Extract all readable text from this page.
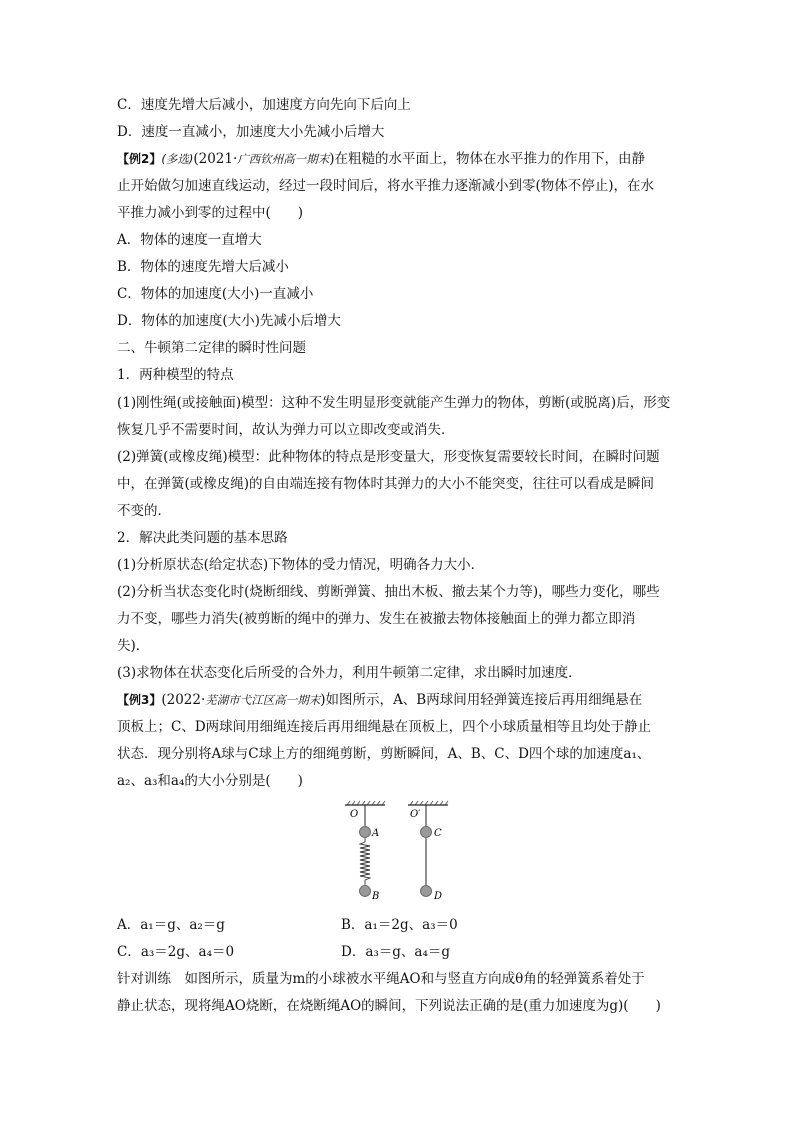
C．速度先增大后减小，加速度方向先向下后向上
D．速度一直减小，加速度大小先减小后增大
【例2】(多选)(2021·广西钦州高一期末)在粗糙的水平面上，物体在水平推力的作用下，由静
止开始做匀加速直线运动，经过一段时间后，将水平推力逐渐减小到零(物体不停止)，在水
平推力减小到零的过程中(　　)
A．物体的速度一直增大
B．物体的速度先增大后减小
C．物体的加速度(大小)一直减小
D．物体的加速度(大小)先减小后增大
二、牛顿第二定律的瞬时性问题
1．两种模型的特点
(1)刚性绳(或接触面)模型：这种不发生明显形变就能产生弹力的物体，剪断(或脱离)后，形变
恢复几乎不需要时间，故认为弹力可以立即改变或消失．
(2)弹簧(或橡皮绳)模型：此种物体的特点是形变量大，形变恢复需要较长时间，在瞬时问题
中，在弹簧(或橡皮绳)的自由端连接有物体时其弹力的大小不能突变，往往可以看成是瞬间
不变的．
2．解决此类问题的基本思路
(1)分析原状态(给定状态)下物体的受力情况，明确各力大小．
(2)分析当状态变化时(烧断细线、剪断弹簧、抽出木板、撤去某个力等)，哪些力变化，哪些
力不变，哪些力消失(被剪断的绳中的弹力、发生在被撤去物体接触面上的弹力都立即消
失)．
(3)求物体在状态变化后所受的合外力，利用牛顿第二定律，求出瞬时加速度．
【例3】(2022·芜湖市弋江区高一期末)如图所示，A、B两球间用轻弹簧连接后再用细绳悬在
顶板上；C、D两球间用细绳连接后再用细绳悬在顶板上，四个小球质量相等且均处于静止
状态．现分别将A球与C球上方的细绳剪断，剪断瞬间，A、B、C、D四个球的加速度a₁、
a₂、a₃和a₄的大小分别是(　　)
O
A
B
O′
C
D
A．a₁＝g、a₂＝g	B．a₁＝2g、a₃＝0
C．a₃＝2g、a₄＝0	D．a₃＝g、a₄＝g
针对训练　如图所示，质量为m的小球被水平绳AO和与竖直方向成θ角的轻弹簧系着处于
静止状态，现将绳AO烧断，在烧断绳AO的瞬间，下列说法正确的是(重力加速度为g)(　　)
